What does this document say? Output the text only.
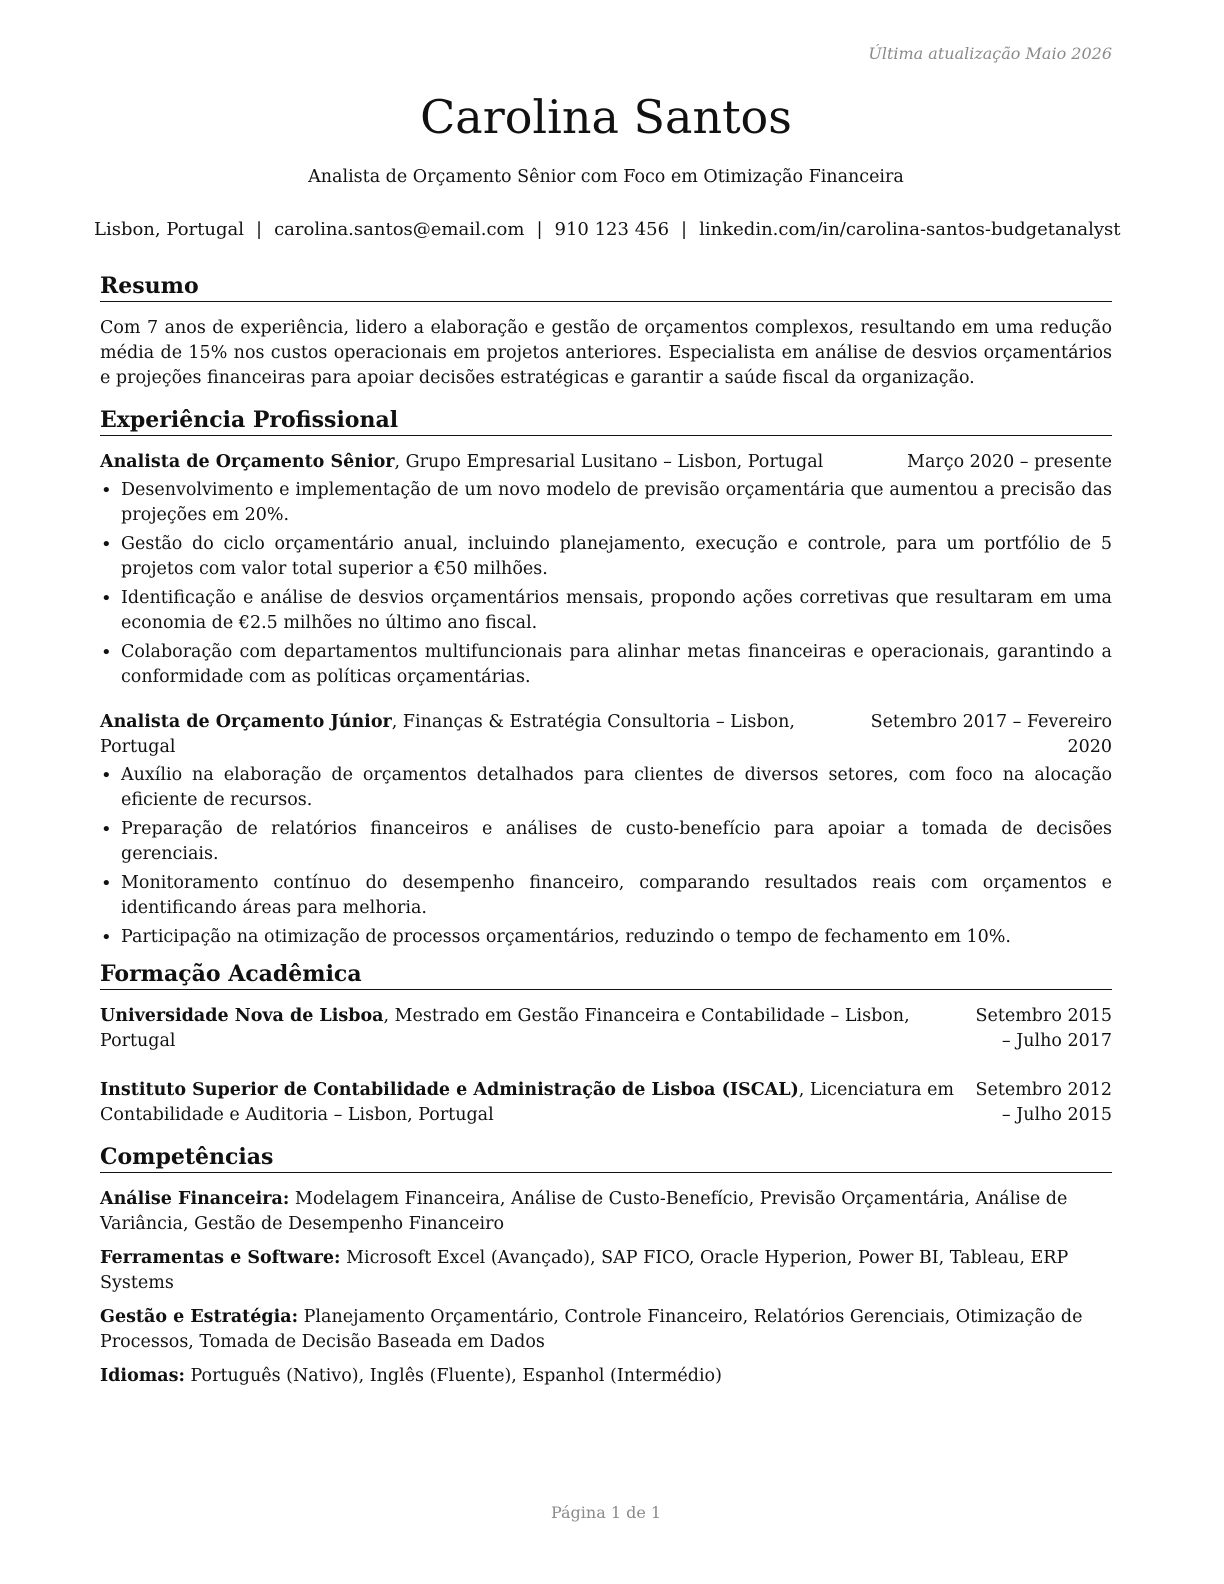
Última atualização Maio 2026
Carolina Santos
Analista de Orçamento Sênior com Foco em Otimização Financeira
Lisbon, Portugal | carolina.santos@email.com | 910 123 456 | linkedin.com/in/carolina-santos-budgetanalyst
Resumo

Com 7 anos de experiência, lidero a elaboração e gestão de orçamentos complexos, resultando em uma redução média de 15% nos custos operacionais em projetos anteriores. Especialista em análise de desvios orçamentários e projeções financeiras para apoiar decisões estratégicas e garantir a saúde fiscal da organização.

Experiência Profissional
Analista de Orçamento Sênior, Grupo Empresarial Lusitano – Lisbon, Portugal	Março 2020 – presente
• Desenvolvimento e implementação de um novo modelo de previsão orçamentária que aumentou a precisão das projeções em 20%.
• Gestão do ciclo orçamentário anual, incluindo planejamento, execução e controle, para um portfólio de 5 projetos com valor total superior a €50 milhões.
• Identificação e análise de desvios orçamentários mensais, propondo ações corretivas que resultaram em uma economia de €2.5 milhões no último ano fiscal.
• Colaboração com departamentos multifuncionais para alinhar metas financeiras e operacionais, garantindo a conformidade com as políticas orçamentárias.
Analista de Orçamento Júnior, Finanças & Estratégia Consultoria – Lisbon, Portugal
Setembro 2017 – Fevereiro 2020
• Auxílio na elaboração de orçamentos detalhados para clientes de diversos setores, com foco na alocação eficiente de recursos.
• Preparação de relatórios financeiros e análises de custo-benefício para apoiar a tomada de decisões gerenciais.
• Monitoramento contínuo do desempenho financeiro, comparando resultados reais com orçamentos e identificando áreas para melhoria.
• Participação na otimização de processos orçamentários, reduzindo o tempo de fechamento em 10%.
Formação Acadêmica
Universidade Nova de Lisboa, Mestrado em Gestão Financeira e Contabilidade – Lisbon, Portugal
Setembro 2015 – Julho 2017
Instituto Superior de Contabilidade e Administração de Lisboa (ISCAL), Licenciatura em Contabilidade e Auditoria – Lisbon, Portugal
Setembro 2012 – Julho 2015
Competências

Análise Financeira: Modelagem Financeira, Análise de Custo-Benefício, Previsão Orçamentária, Análise de Variância, Gestão de Desempenho Financeiro

Ferramentas e Software: Microsoft Excel (Avançado), SAP FICO, Oracle Hyperion, Power BI, Tableau, ERP Systems

Gestão e Estratégia: Planejamento Orçamentário, Controle Financeiro, Relatórios Gerenciais, Otimização de Processos, Tomada de Decisão Baseada em Dados

Idiomas: Português (Nativo), Inglês (Fluente), Espanhol (Intermédio)

Página 1 de 1
